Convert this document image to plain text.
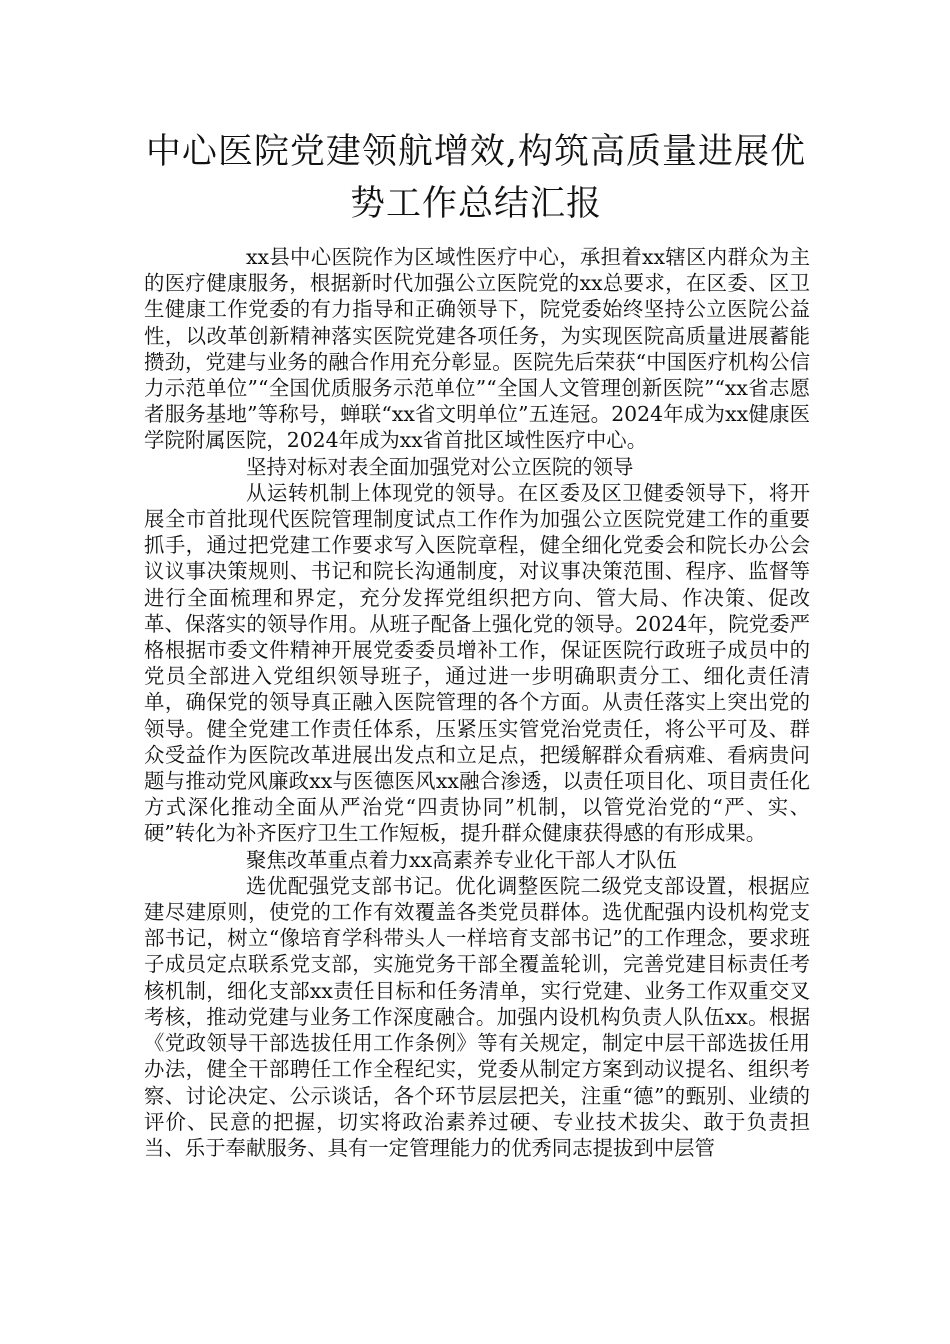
中心医院党建领航增效,构筑高质量进展优势工作总结汇报

xx县中心医院作为区域性医疗中心，承担着xx辖区内群众为主的医疗健康服务，根据新时代加强公立医院党的xx总要求，在区委、区卫生健康工作党委的有力指导和正确领导下，院党委始终坚持公立医院公益性，以改革创新精神落实医院党建各项任务，为实现医院高质量进展蓄能攒劲，党建与业务的融合作用充分彰显。医院先后荣获“中国医疗机构公信力示范单位”“全国优质服务示范单位”“全国人文管理创新医院”“xx省志愿者服务基地”等称号，蝉联“xx省文明单位”五连冠。2024年成为xx健康医学院附属医院，2024年成为xx省首批区域性医疗中心。

坚持对标对表全面加强党对公立医院的领导

从运转机制上体现党的领导。在区委及区卫健委领导下，将开展全市首批现代医院管理制度试点工作作为加强公立医院党建工作的重要抓手，通过把党建工作要求写入医院章程，健全细化党委会和院长办公会议议事决策规则、书记和院长沟通制度，对议事决策范围、程序、监督等进行全面梳理和界定，充分发挥党组织把方向、管大局、作决策、促改革、保落实的领导作用。从班子配备上强化党的领导。2024年，院党委严格根据市委文件精神开展党委委员增补工作，保证医院行政班子成员中的党员全部进入党组织领导班子，通过进一步明确职责分工、细化责任清单，确保党的领导真正融入医院管理的各个方面。从责任落实上突出党的领导。健全党建工作责任体系，压紧压实管党治党责任，将公平可及、群众受益作为医院改革进展出发点和立足点，把缓解群众看病难、看病贵问题与推动党风廉政xx与医德医风xx融合渗透，以责任项目化、项目责任化方式深化推动全面从严治党“四责协同”机制，以管党治党的“严、实、硬”转化为补齐医疗卫生工作短板，提升群众健康获得感的有形成果。

聚焦改革重点着力xx高素养专业化干部人才队伍

选优配强党支部书记。优化调整医院二级党支部设置，根据应建尽建原则，使党的工作有效覆盖各类党员群体。选优配强内设机构党支部书记，树立“像培育学科带头人一样培育支部书记”的工作理念，要求班子成员定点联系党支部，实施党务干部全覆盖轮训，完善党建目标责任考核机制，细化支部xx责任目标和任务清单，实行党建、业务工作双重交叉考核，推动党建与业务工作深度融合。加强内设机构负责人队伍xx。根据《党政领导干部选拔任用工作条例》等有关规定，制定中层干部选拔任用办法，健全干部聘任工作全程纪实，党委从制定方案到动议提名、组织考察、讨论决定、公示谈话，各个环节层层把关，注重“德”的甄别、业绩的评价、民意的把握，切实将政治素养过硬、专业技术拔尖、敢于负责担当、乐于奉献服务、具有一定管理能力的优秀同志提拔到中层管
